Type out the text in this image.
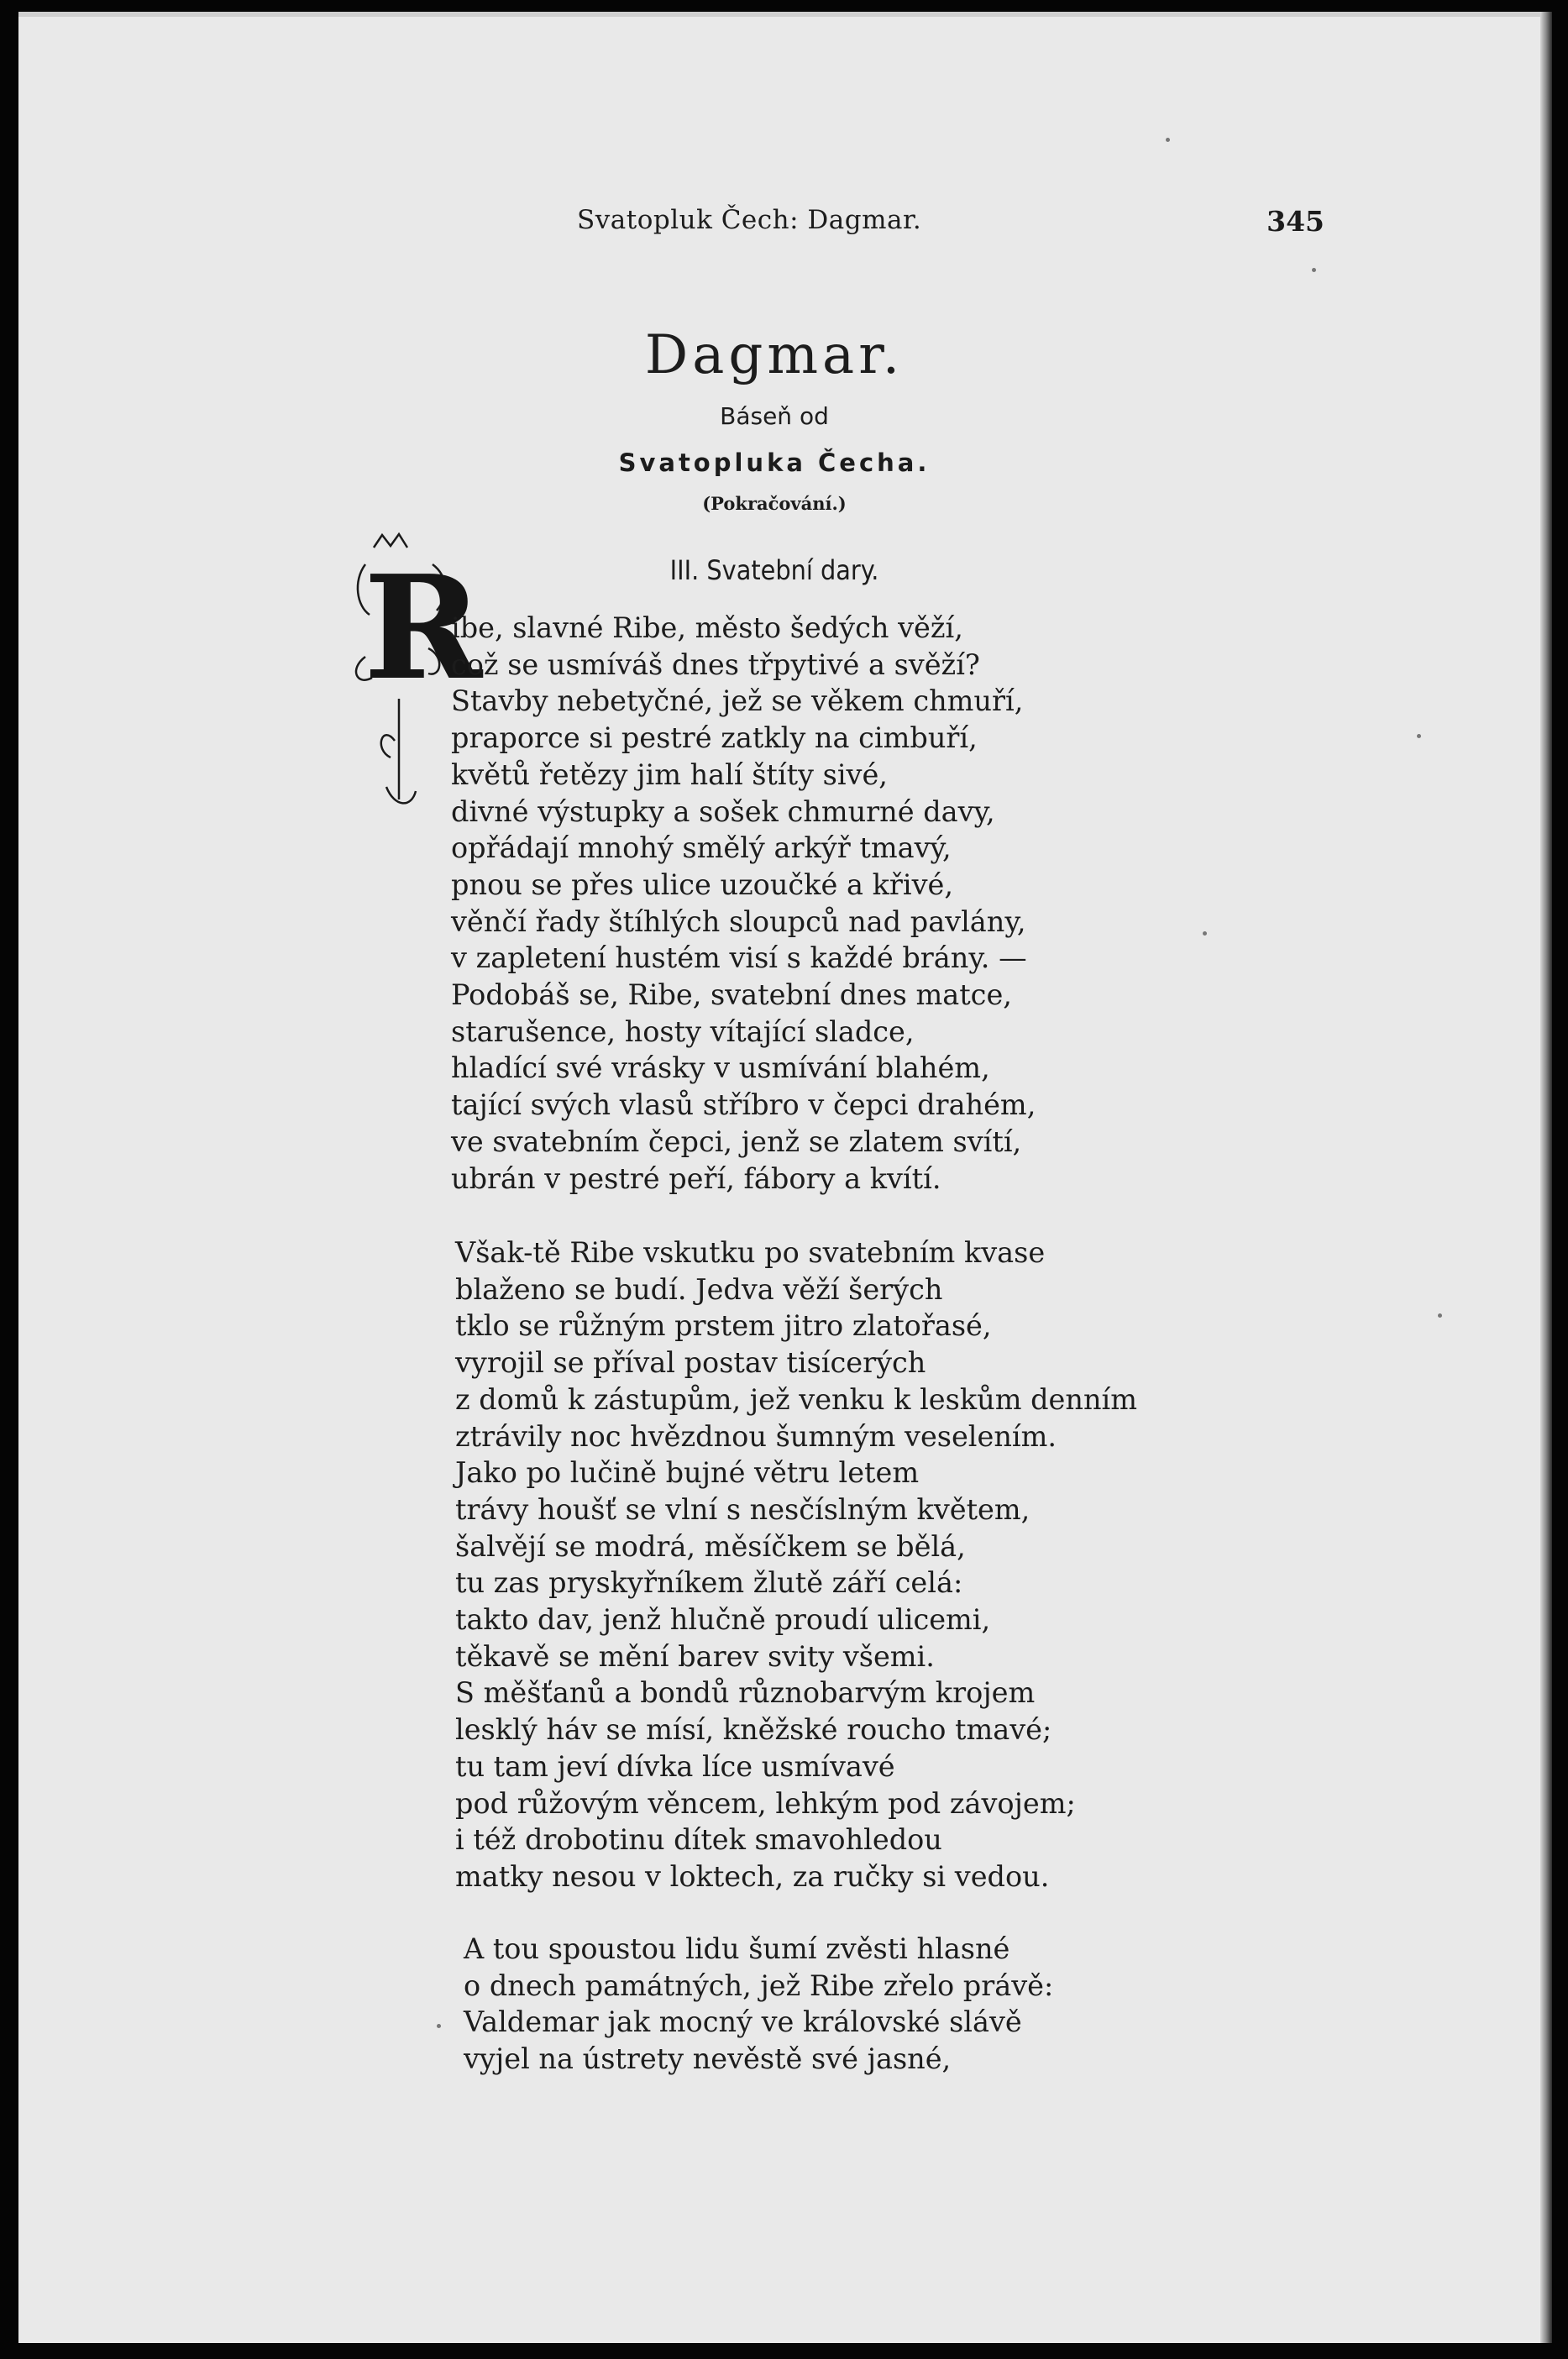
Svatopluk Čech: Dagmar.	345
Dagmar.
Báseň od
Svatopluka Čecha.
(Pokračování.)
III. Svatební dary.
R
ibe, slavné Ribe, město šedých věží,
což se usmíváš dnes třpytivé a svěží?
Stavby nebetyčné, jež se věkem chmuří,
praporce si pestré zatkly na cimbuří,
květů řetězy jim halí štíty sivé,
divné výstupky a sošek chmurné davy,
opřádají mnohý smělý arkýř tmavý,
pnou se přes ulice uzoučké a křivé,
věnčí řady štíhlých sloupců nad pavlány,
v zapletení hustém visí s každé brány. —
Podobáš se, Ribe, svatební dnes matce,
starušence, hosty vítající sladce,
hladící své vrásky v usmívání blahém,
tající svých vlasů stříbro v čepci drahém,
ve svatebním čepci, jenž se zlatem svítí,
ubrán v pestré peří, fábory a kvítí.
Však-tě Ribe vskutku po svatebním kvase
blaženo se budí. Jedva věží šerých
tklo se růžným prstem jitro zlatořasé,
vyrojil se příval postav tisícerých
z domů k zástupům, jež venku k leskům denním
ztrávily noc hvězdnou šumným veselením.
Jako po lučině bujné větru letem
trávy houšť se vlní s nesčíslným květem,
šalvějí se modrá, měsíčkem se bělá,
tu zas pryskyřníkem žlutě září celá:
takto dav, jenž hlučně proudí ulicemi,
těkavě se mění barev svity všemi.
S měšťanů a bondů různobarvým krojem
lesklý háv se mísí, kněžské roucho tmavé;
tu tam jeví dívka líce usmívavé
pod růžovým věncem, lehkým pod závojem;
i též drobotinu dítek smavohledou
matky nesou v loktech, za ručky si vedou.
A tou spoustou lidu šumí zvěsti hlasné
o dnech památných, jež Ribe zřelo právě:
Valdemar jak mocný ve královské slávě
vyjel na ústrety nevěstě své jasné,
